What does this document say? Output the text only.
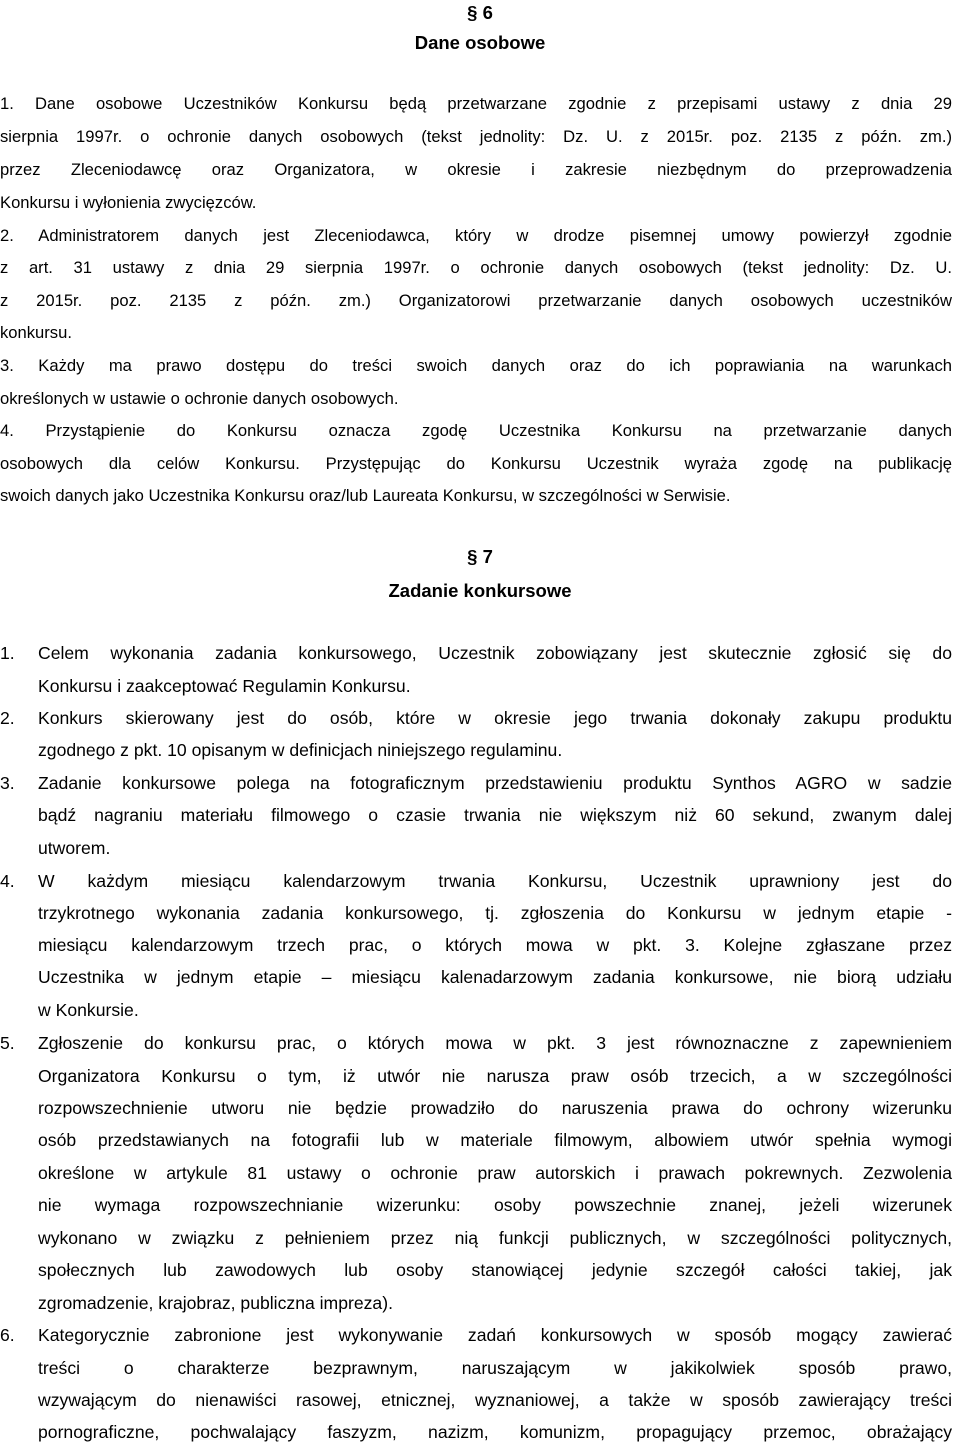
§ 6
Dane osobowe
1. Dane osobowe Uczestników Konkursu będą przetwarzane zgodnie z przepisami ustawy z dnia 29
sierpnia 1997r. o ochronie danych osobowych (tekst jednolity: Dz. U. z 2015r. poz. 2135 z późn. zm.)
przez Zleceniodawcę oraz Organizatora, w okresie i zakresie niezbędnym do przeprowadzenia
Konkursu i wyłonienia zwycięzców.
2. Administratorem danych jest Zleceniodawca, który w drodze pisemnej umowy powierzył zgodnie
z art. 31 ustawy z dnia 29 sierpnia 1997r. o ochronie danych osobowych (tekst jednolity: Dz. U.
z 2015r. poz. 2135 z późn. zm.) Organizatorowi przetwarzanie danych osobowych uczestników
konkursu.
3. Każdy ma prawo dostępu do treści swoich danych oraz do ich poprawiania na warunkach
określonych w ustawie o ochronie danych osobowych.
4. Przystąpienie do Konkursu oznacza zgodę Uczestnika Konkursu na przetwarzanie danych
osobowych dla celów Konkursu. Przystępując do Konkursu Uczestnik wyraża zgodę na publikację
swoich danych jako Uczestnika Konkursu oraz/lub Laureata Konkursu, w szczególności w Serwisie.
§ 7
Zadanie konkursowe
1. Celem wykonania zadania konkursowego, Uczestnik zobowiązany jest skutecznie zgłosić się do
Konkursu i zaakceptować Regulamin Konkursu.
2. Konkurs skierowany jest do osób, które w okresie jego trwania dokonały zakupu produktu
zgodnego z pkt. 10 opisanym w definicjach niniejszego regulaminu.
3. Zadanie konkursowe polega na fotograficznym przedstawieniu produktu Synthos AGRO w sadzie
bądź nagraniu materiału filmowego o czasie trwania nie większym niż 60 sekund, zwanym dalej
utworem.
4. W każdym miesiącu kalendarzowym trwania Konkursu, Uczestnik uprawniony jest do
trzykrotnego wykonania zadania konkursowego, tj. zgłoszenia do Konkursu w jednym etapie -
miesiącu kalendarzowym trzech prac, o których mowa w pkt. 3. Kolejne zgłaszane przez
Uczestnika w jednym etapie – miesiącu kalenadarzowym zadania konkursowe, nie biorą udziału
w Konkursie.
5. Zgłoszenie do konkursu prac, o których mowa w pkt. 3 jest równoznaczne z zapewnieniem
Organizatora Konkursu o tym, iż utwór nie narusza praw osób trzecich, a w szczególności
rozpowszechnienie utworu nie będzie prowadziło do naruszenia prawa do ochrony wizerunku
osób przedstawianych na fotografii lub w materiale filmowym, albowiem utwór spełnia wymogi
określone w artykule 81 ustawy o ochronie praw autorskich i prawach pokrewnych. Zezwolenia
nie wymaga rozpowszechnianie wizerunku: osoby powszechnie znanej, jeżeli wizerunek
wykonano w związku z pełnieniem przez nią funkcji publicznych, w szczególności politycznych,
społecznych lub zawodowych lub osoby stanowiącej jedynie szczegół całości takiej, jak
zgromadzenie, krajobraz, publiczna impreza).
6. Kategorycznie zabronione jest wykonywanie zadań konkursowych w sposób mogący zawierać
treści o charakterze bezprawnym, naruszającym w jakikolwiek sposób prawo,
wzywającym do nienawiści rasowej, etnicznej, wyznaniowej, a także w sposób zawierający treści
pornograficzne, pochwalający faszyzm, nazizm, komunizm, propagujący przemoc, obrażający
